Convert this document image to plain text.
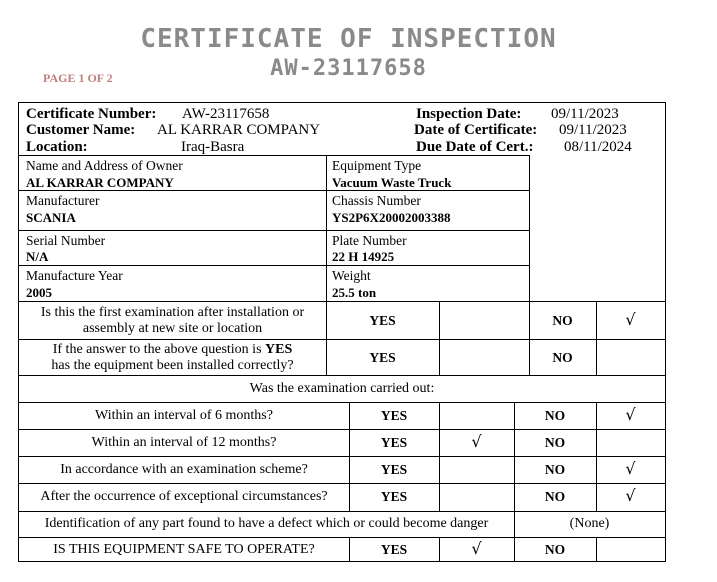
CERTIFICATE OF INSPECTION
AW-23117658
PAGE 1 OF 2
Certificate Number: AW-23117658
Customer Name: AL KARRAR COMPANY
Location:	Iraq-Basra
Inspection Date: 09/11/2023
Date of Certificate: 09/11/2023
Due Date of Cert.: 08/11/2024
Name and Address of Owner
AL KARRAR COMPANY
Equipment Type
Vacuum Waste Truck
Manufacturer
SCANIA
Chassis Number
YS2P6X20002003388
Serial Number
N/A
Plate Number
22 H 14925
Manufacture Year
2005
Weight
25.5 ton
Is this the first examination after installation or
assembly at new site or location
YES	NO	√
If the answer to the above question is YES
has the equipment been installed correctly?
YES	NO
Was the examination carried out:
Within an interval of 6 months?	YES	NO	√
Within an interval of 12 months?	YES	√	NO
In accordance with an examination scheme?	YES	NO	√
After the occurrence of exceptional circumstances?	YES	NO	√
Identification of any part found to have a defect which or could become danger	(None)
IS THIS EQUIPMENT SAFE TO OPERATE?	YES	√	NO
